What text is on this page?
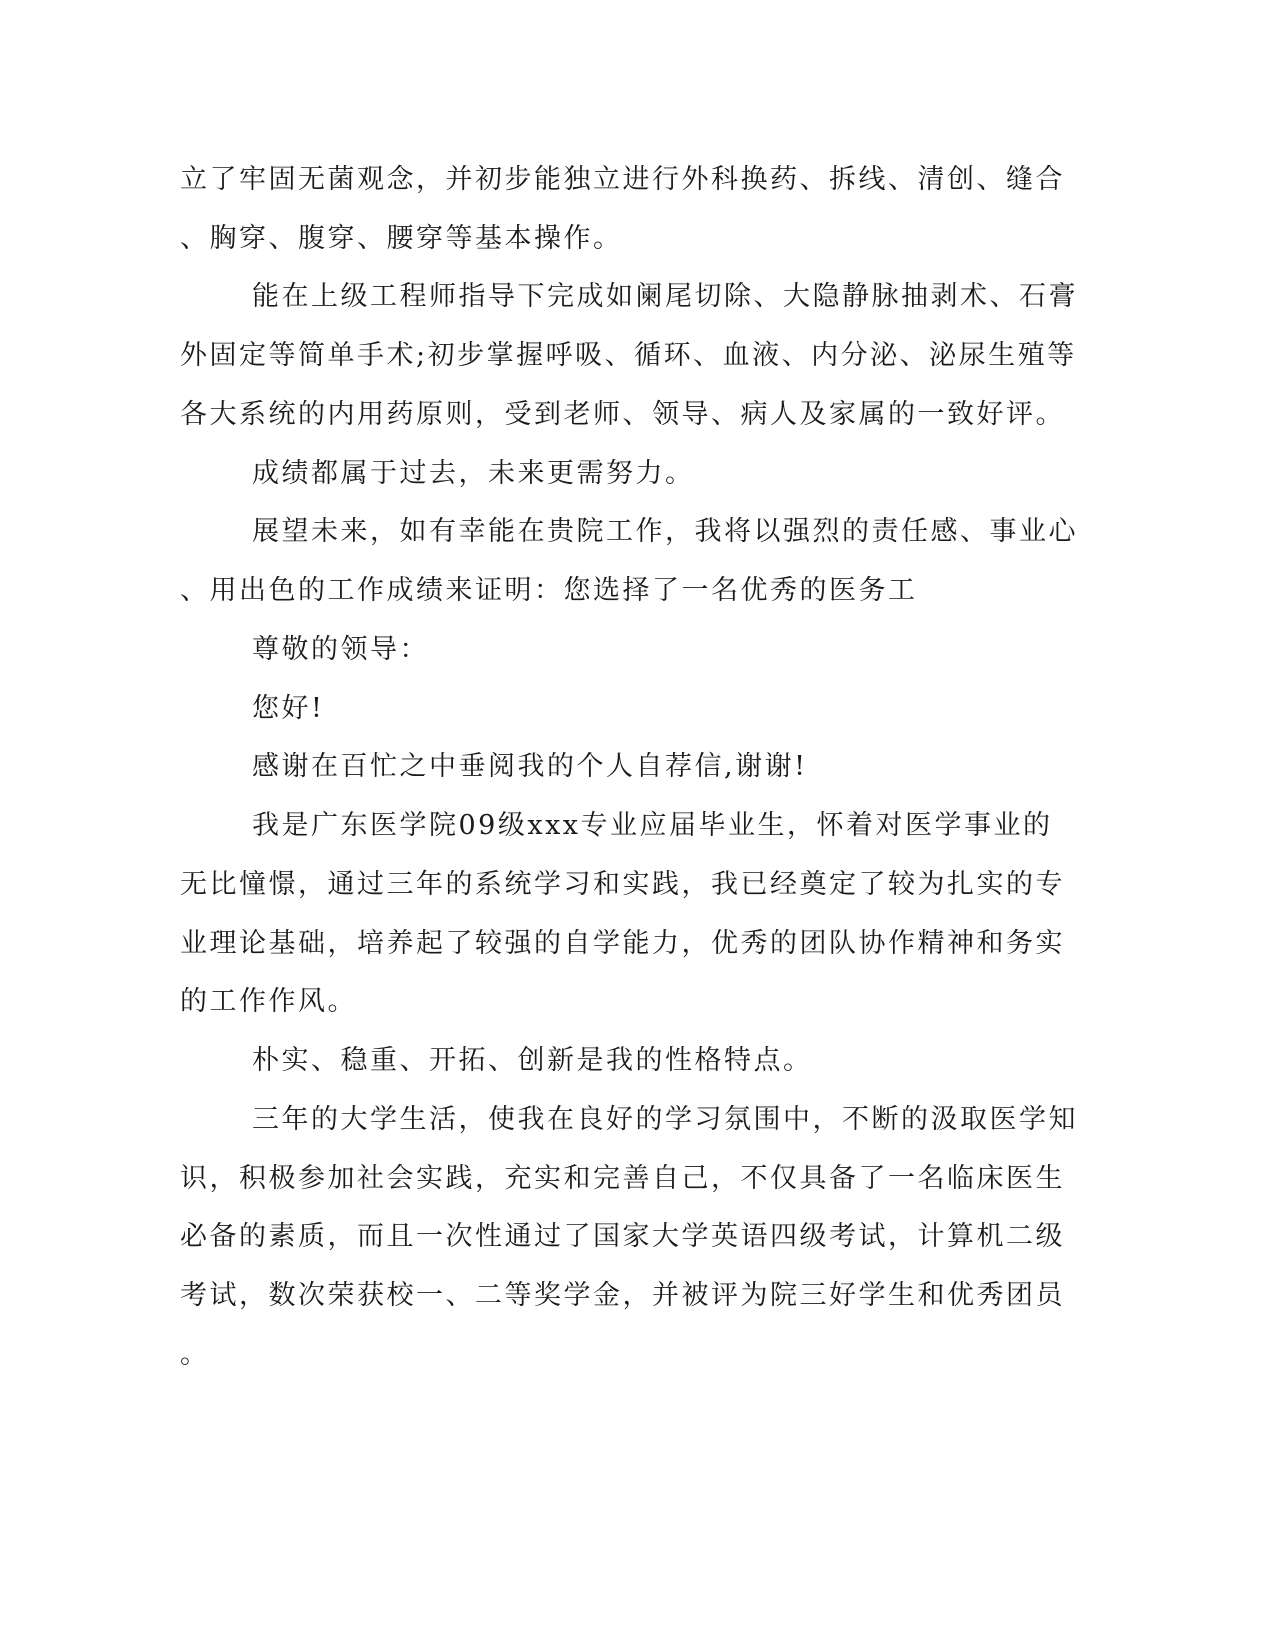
立了牢固无菌观念，并初步能独立进行外科换药、拆线、清创、缝合
、胸穿、腹穿、腰穿等基本操作。
能在上级工程师指导下完成如阑尾切除、大隐静脉抽剥术、石膏
外固定等简单手术;初步掌握呼吸、循环、血液、内分泌、泌尿生殖等
各大系统的内用药原则，受到老师、领导、病人及家属的一致好评。
成绩都属于过去，未来更需努力。
展望未来，如有幸能在贵院工作，我将以强烈的责任感、事业心
、用出色的工作成绩来证明：您选择了一名优秀的医务工
尊敬的领导：
您好!
感谢在百忙之中垂阅我的个人自荐信,谢谢!
我是广东医学院09级xxx专业应届毕业生，怀着对医学事业的
无比憧憬，通过三年的系统学习和实践，我已经奠定了较为扎实的专
业理论基础，培养起了较强的自学能力，优秀的团队协作精神和务实
的工作作风。
朴实、稳重、开拓、创新是我的性格特点。
三年的大学生活，使我在良好的学习氛围中，不断的汲取医学知
识，积极参加社会实践，充实和完善自己，不仅具备了一名临床医生
必备的素质，而且一次性通过了国家大学英语四级考试，计算机二级
考试，数次荣获校一、二等奖学金，并被评为院三好学生和优秀团员
。
